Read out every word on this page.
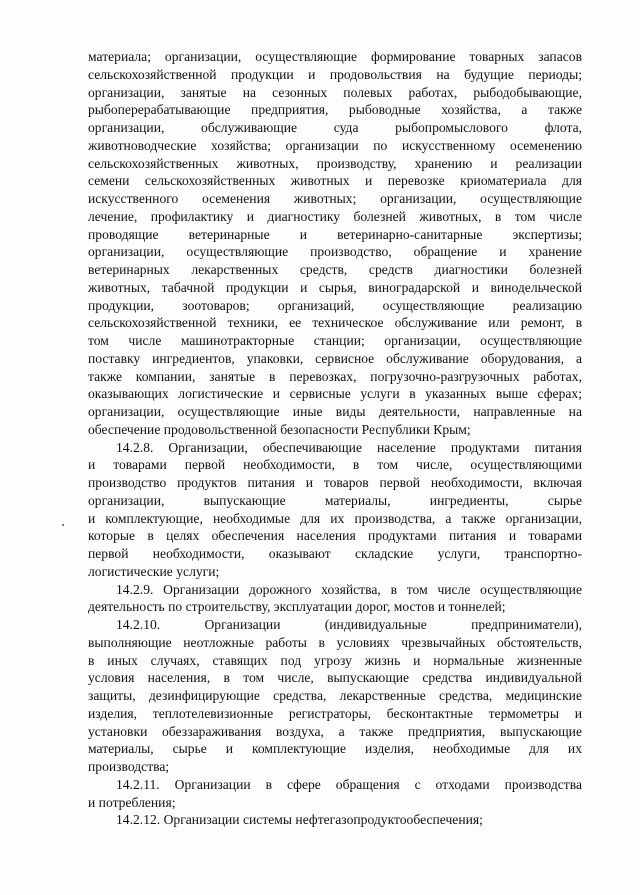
материала; организации, осуществляющие формирование товарных запасов
сельскохозяйственной продукции и продовольствия на будущие периоды;
организации, занятые на сезонных полевых работах, рыбодобывающие,
рыбоперерабатывающие предприятия, рыбоводные хозяйства, а также
организации, обслуживающие суда рыбопромыслового флота,
животноводческие хозяйства; организации по искусственному осеменению
сельскохозяйственных животных, производству, хранению и реализации
семени сельскохозяйственных животных и перевозке криоматериала для
искусственного осеменения животных; организации, осуществляющие
лечение, профилактику и диагностику болезней животных, в том числе
проводящие ветеринарные и ветеринарно-санитарные экспертизы;
организации, осуществляющие производство, обращение и хранение
ветеринарных лекарственных средств, средств диагностики болезней
животных, табачной продукции и сырья, виноградарской и винодельческой
продукции, зоотоваров; организаций, осуществляющие реализацию
сельскохозяйственной техники, ее техническое обслуживание или ремонт, в
том числе машинотракторные станции; организации, осуществляющие
поставку ингредиентов, упаковки, сервисное обслуживание оборудования, а
также компании, занятые в перевозках, погрузочно-разгрузочных работах,
оказывающих логистические и сервисные услуги в указанных выше сферах;
организации, осуществляющие иные виды деятельности, направленные на
обеспечение продовольственной безопасности Республики Крым;
14.2.8. Организации, обеспечивающие население продуктами питания
и товарами первой необходимости, в том числе, осуществляющими
производство продуктов питания и товаров первой необходимости, включая
организации, выпускающие материалы, ингредиенты, сырье
и комплектующие, необходимые для их производства, а также организации,
которые в целях обеспечения населения продуктами питания и товарами
первой необходимости, оказывают складские услуги, транспортно-
логистические услуги;
14.2.9. Организации дорожного хозяйства, в том числе осуществляющие
деятельность по строительству, эксплуатации дорог, мостов и тоннелей;
14.2.10. Организации (индивидуальные предприниматели),
выполняющие неотложные работы в условиях чрезвычайных обстоятельств,
в иных случаях, ставящих под угрозу жизнь и нормальные жизненные
условия населения, в том числе, выпускающие средства индивидуальной
защиты, дезинфицирующие средства, лекарственные средства, медицинские
изделия, теплотелевизионные регистраторы, бесконтактные термометры и
установки обеззараживания воздуха, а также предприятия, выпускающие
материалы, сырье и комплектующие изделия, необходимые для их
производства;
14.2.11. Организации в сфере обращения с отходами производства
и потребления;
14.2.12. Организации системы нефтегазопродуктообеспечения;
